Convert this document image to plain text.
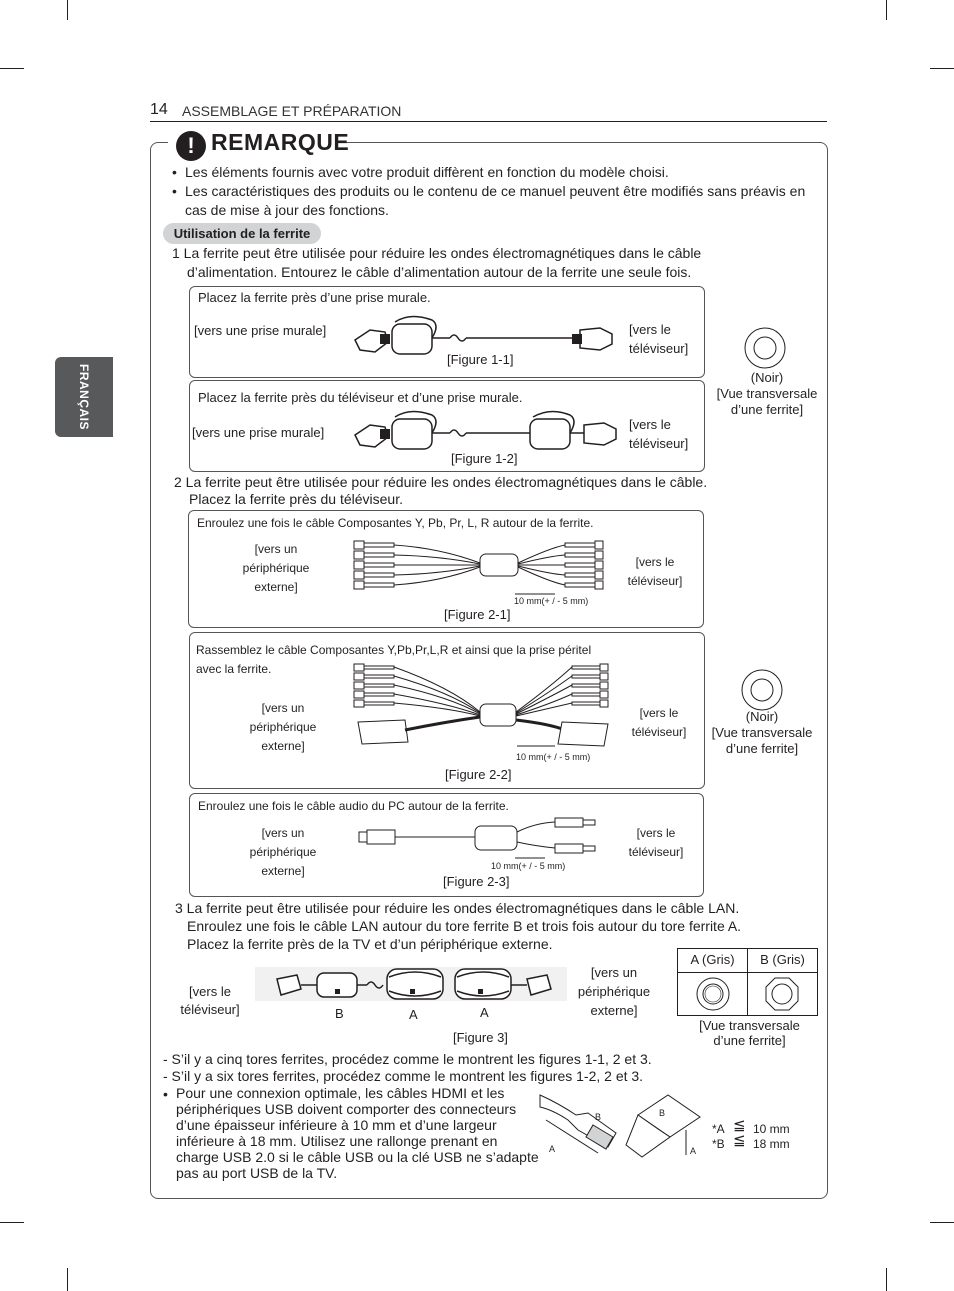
14 ASSEMBLAGE ET PRÉPARATION
FRANÇAIS
! REMARQUE
• Les éléments fournis avec votre produit diffèrent en fonction du modèle choisi.
• Les caractéristiques des produits ou le contenu de ce manuel peuvent être modifiés sans préavis en
cas de mise à jour des fonctions.
Utilisation de la ferrite
1 La ferrite peut être utilisée pour réduire les ondes électromagnétiques dans le câble
d’alimentation. Entourez le câble d’alimentation autour de la ferrite une seule fois.
Placez la ferrite près d’une prise murale.
[vers une prise murale]	[vers le
téléviseur]
[Figure 1-1]
Placez la ferrite près du téléviseur et d’une prise murale.
[vers une prise murale]
[vers le
téléviseur]
[Figure 1-2]
(Noir)
[Vue transversale
d’une ferrite]
2 La ferrite peut être utilisée pour réduire les ondes électromagnétiques dans le câble.
Placez la ferrite près du téléviseur.
Enroulez une fois le câble Composantes Y, Pb, Pr, L, R autour de la ferrite.
[vers un
périphérique
externe]
[vers le
téléviseur]
10 mm(+ / - 5 mm)
[Figure 2-1]
Rassemblez le câble Composantes Y,Pb,Pr,L,R et ainsi que la prise péritel
avec la ferrite.
[vers un
périphérique
externe]
[vers le
téléviseur]
10 mm(+ / - 5 mm)
[Figure 2-2]
(Noir)
[Vue transversale
d’une ferrite]
Enroulez une fois le câble audio du PC autour de la ferrite.
[vers un
périphérique
externe]
[vers le
téléviseur]
10 mm(+ / - 5 mm)
[Figure 2-3]
3 La ferrite peut être utilisée pour réduire les ondes électromagnétiques dans le câble LAN.
Enroulez une fois le câble LAN autour du tore ferrite B et trois fois autour du tore ferrite A.
Placez la ferrite près de la TV et d’un périphérique externe.
[vers le
téléviseur]
[vers un
périphérique
externe]
B	A	A
[Figure 3]
A (Gris)	B (Gris)
[Vue transversale
d’une ferrite]
- S’il y a cinq tores ferrites, procédez comme le montrent les figures 1-1, 2 et 3.
- S’il y a six tores ferrites, procédez comme le montrent les figures 1-2, 2 et 3.
• Pour une connexion optimale, les câbles HDMI et les
périphériques USB doivent comporter des connecteurs
d’une épaisseur inférieure à 10 mm et d’une largeur
inférieure à 18 mm. Utilisez une rallonge prenant en
charge USB 2.0 si le câble USB ou la clé USB ne s’adapte
pas au port USB de la TV.
B
A
B
A
*A
*B
≦
≦
10 mm
18 mm
